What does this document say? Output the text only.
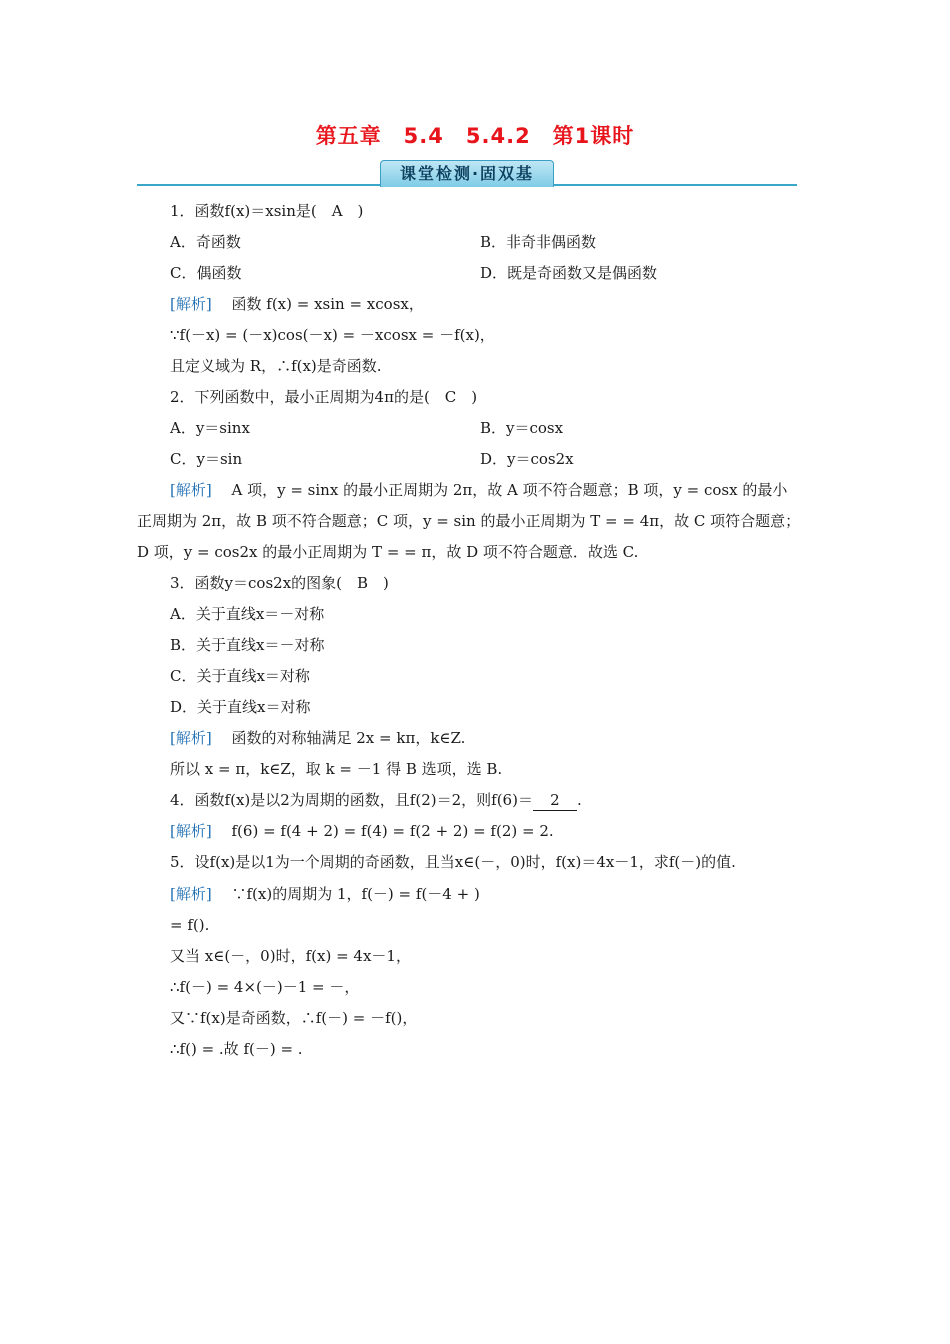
第五章　5.4　5.4.2　第1课时
课堂检测·固双基
1．函数f(x)＝xsin是(　A　)
A．奇函数	B．非奇非偶函数
C．偶函数	D．既是奇函数又是偶函数
[解析]　 函数 f(x) = xsin = xcosx，
∵f(－x) = (－x)cos(－x) = －xcosx = －f(x)，
且定义域为 R，∴f(x)是奇函数.
2．下列函数中，最小正周期为4π的是(　C　)
A．y＝sinx	B．y＝cosx
C．y＝sin	D．y＝cos2x
[解析]　 A 项，y = sinx 的最小正周期为 2π，故 A 项不符合题意；B 项，y = cosx 的最小
正周期为 2π，故 B 项不符合题意；C 项，y = sin 的最小正周期为 T = = 4π，故 C 项符合题意；
D 项，y = cos2x 的最小正周期为 T = = π，故 D 项不符合题意．故选 C.
3．函数y＝cos2x的图象(　B　)
A．关于直线x＝－对称
B．关于直线x＝－对称
C．关于直线x＝对称
D．关于直线x＝对称
[解析]　 函数的对称轴满足 2x = kπ，k∈Z.
所以 x = π，k∈Z，取 k = －1 得 B 选项，选 B.
4．函数f(x)是以2为周期的函数，且f(2)＝2，则f(6)＝ 2 .
[解析]　 f(6) = f(4 + 2) = f(4) = f(2 + 2) = f(2) = 2.
5．设f(x)是以1为一个周期的奇函数，且当x∈(－，0)时，f(x)＝4x－1，求f(－)的值.
[解析]　 ∵f(x)的周期为 1，f(－) = f(－4 + )
= f().
又当 x∈(－，0)时，f(x) = 4x－1，
∴f(－) = 4×(－)－1 = －，
又∵f(x)是奇函数，∴f(－) = －f()，
∴f() = .故 f(－) = .
